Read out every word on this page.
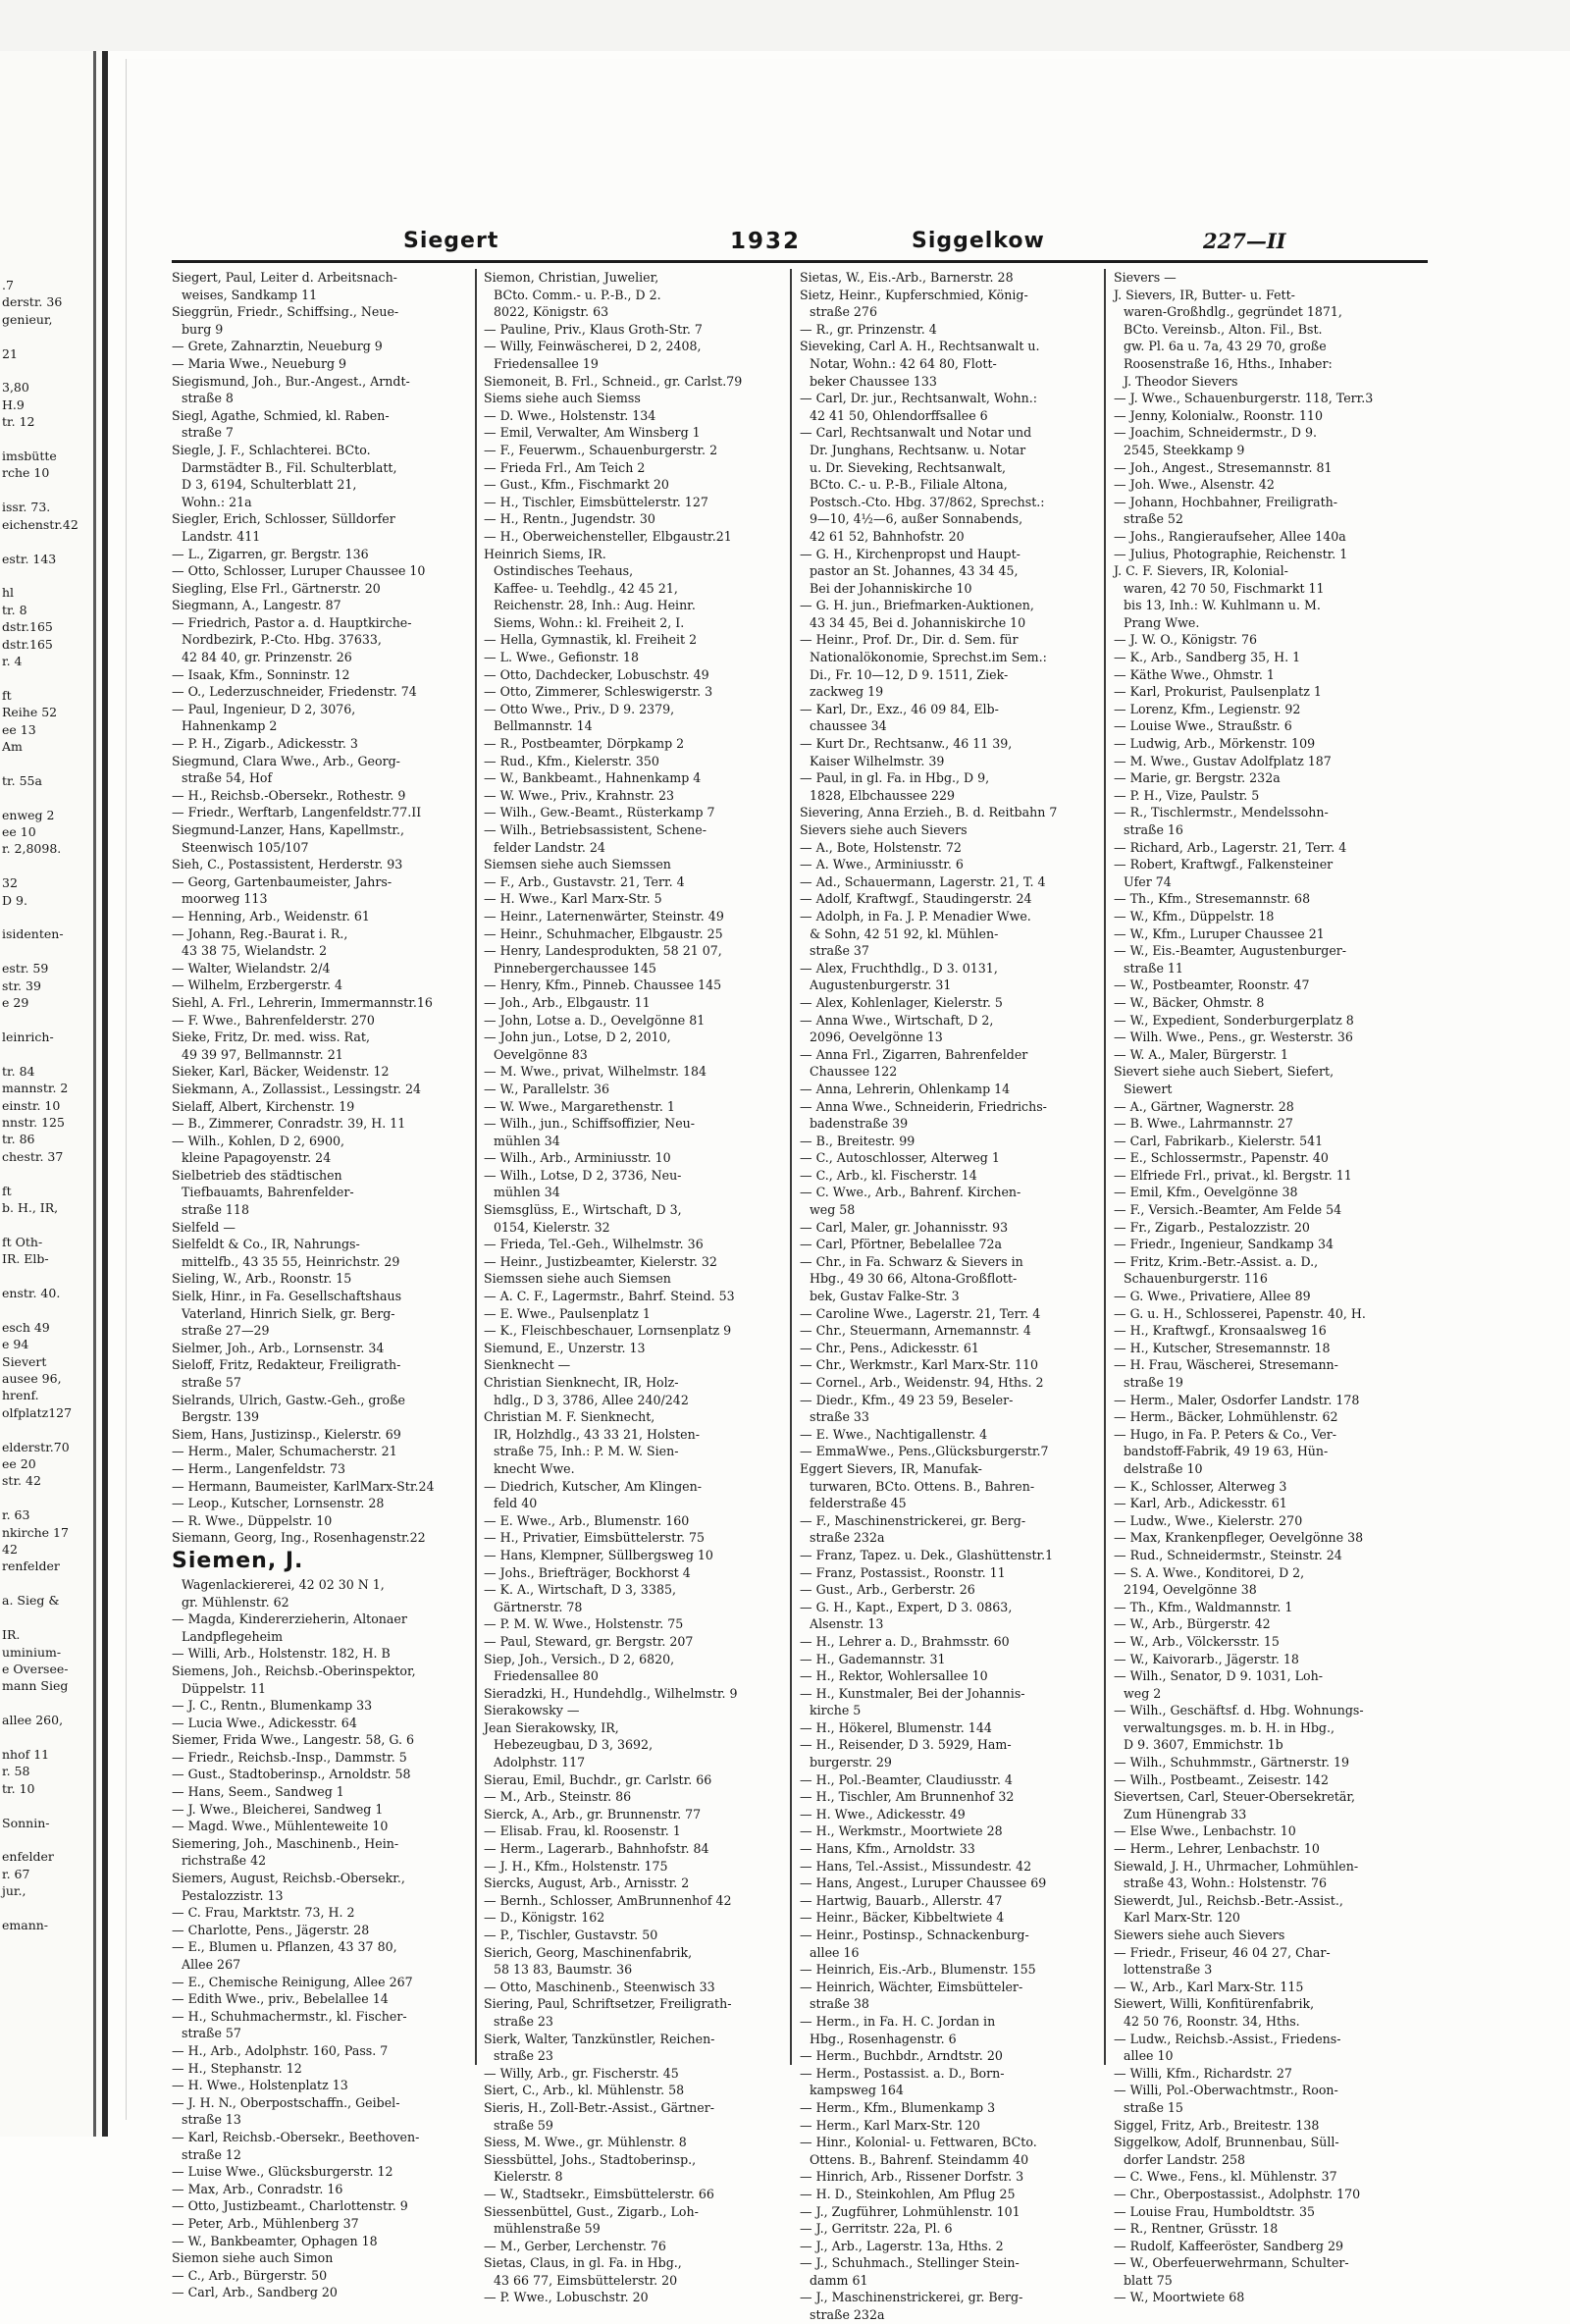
.7
derstr. 36
genieur,

21

3,80
H.9
tr. 12

imsbütte
rche 10

issr. 73.
eichenstr.42

estr. 143

hl
tr. 8
dstr.165
dstr.165
r. 4

ft
Reihe 52
ee 13
Am

tr. 55a

enweg 2
ee 10
r. 2,8098.

32
D 9.

isidenten-

estr. 59
str. 39
e 29

leinrich-

tr. 84
mannstr. 2
einstr. 10
nnstr. 125
tr. 86
chestr. 37

ft
b. H., IR,

ft Oth-
IR. Elb-

enstr. 40.

esch 49
e 94
Sievert
ausee 96,
hrenf.
olfplatz127

elderstr.70
ee 20
str. 42

r. 63
nkirche 17
42
renfelder

a. Sieg &

IR.
uminium-
e Oversee-
mann Sieg

allee 260,

nhof 11
r. 58
tr. 10

Sonnin-

enfelder
r. 67
jur.,

emann-
Siegert	1932	Siggelkow	227—II
Siegert, Paul, Leiter d. Arbeitsnach-
weises, Sandkamp 11
Sieggrün, Friedr., Schiffsing., Neue-
burg 9
— Grete, Zahnarztin, Neueburg 9
— Maria Wwe., Neueburg 9
Siegismund, Joh., Bur.-Angest., Arndt-
straße 8
Siegl, Agathe, Schmied, kl. Raben-
straße 7
Siegle, J. F., Schlachterei. BCto.
Darmstädter B., Fil. Schulterblatt,
D 3, 6194, Schulterblatt 21,
Wohn.: 21a
Siegler, Erich, Schlosser, Sülldorfer
Landstr. 411
— L., Zigarren, gr. Bergstr. 136
— Otto, Schlosser, Luruper Chaussee 10
Siegling, Else Frl., Gärtnerstr. 20
Siegmann, A., Langestr. 87
— Friedrich, Pastor a. d. Hauptkirche-
Nordbezirk, P.-Cto. Hbg. 37633,
42 84 40, gr. Prinzenstr. 26
— Isaak, Kfm., Sonninstr. 12
— O., Lederzuschneider, Friedenstr. 74
— Paul, Ingenieur, D 2, 3076,
Hahnenkamp 2
— P. H., Zigarb., Adickesstr. 3
Siegmund, Clara Wwe., Arb., Georg-
straße 54, Hof
— H., Reichsb.-Obersekr., Rothestr. 9
— Friedr., Werftarb, Langenfeldstr.77.II
Siegmund-Lanzer, Hans, Kapellmstr.,
Steenwisch 105/107
Sieh, C., Postassistent, Herderstr. 93
— Georg, Gartenbaumeister, Jahrs-
moorweg 113
— Henning, Arb., Weidenstr. 61
— Johann, Reg.-Baurat i. R.,
43 38 75, Wielandstr. 2
— Walter, Wielandstr. 2/4
— Wilhelm, Erzbergerstr. 4
Siehl, A. Frl., Lehrerin, Immermannstr.16
— F. Wwe., Bahrenfelderstr. 270
Sieke, Fritz, Dr. med. wiss. Rat,
49 39 97, Bellmannstr. 21
Sieker, Karl, Bäcker, Weidenstr. 12
Siekmann, A., Zollassist., Lessingstr. 24
Sielaff, Albert, Kirchenstr. 19
— B., Zimmerer, Conradstr. 39, H. 11
— Wilh., Kohlen, D 2, 6900,
kleine Papagoyenstr. 24
Sielbetrieb des städtischen
Tiefbauamts, Bahrenfelder-
straße 118
Sielfeld —
Sielfeldt & Co., IR, Nahrungs-
mittelfb., 43 35 55, Heinrichstr. 29
Sieling, W., Arb., Roonstr. 15
Sielk, Hinr., in Fa. Gesellschaftshaus
Vaterland, Hinrich Sielk, gr. Berg-
straße 27—29
Sielmer, Joh., Arb., Lornsenstr. 34
Sieloff, Fritz, Redakteur, Freiligrath-
straße 57
Sielrands, Ulrich, Gastw.-Geh., große
Bergstr. 139
Siem, Hans, Justizinsp., Kielerstr. 69
— Herm., Maler, Schumacherstr. 21
— Herm., Langenfeldstr. 73
— Hermann, Baumeister, KarlMarx-Str.24
— Leop., Kutscher, Lornsenstr. 28
— R. Wwe., Düppelstr. 10
Siemann, Georg, Ing., Rosenhagenstr.22
Siemen, J.
Wagenlackiererei, 42 02 30 N 1,
gr. Mühlenstr. 62
— Magda, Kindererzieherin, Altonaer
Landpflegeheim
— Willi, Arb., Holstenstr. 182, H. B
Siemens, Joh., Reichsb.-Oberinspektor,
Düppelstr. 11
— J. C., Rentn., Blumenkamp 33
— Lucia Wwe., Adickesstr. 64
Siemer, Frida Wwe., Langestr. 58, G. 6
— Friedr., Reichsb.-Insp., Dammstr. 5
— Gust., Stadtoberinsp., Arnoldstr. 58
— Hans, Seem., Sandweg 1
— J. Wwe., Bleicherei, Sandweg 1
— Magd. Wwe., Mühlenteweite 10
Siemering, Joh., Maschinenb., Hein-
richstraße 42
Siemers, August, Reichsb.-Obersekr.,
Pestalozzistr. 13
— C. Frau, Marktstr. 73, H. 2
— Charlotte, Pens., Jägerstr. 28
— E., Blumen u. Pflanzen, 43 37 80,
Allee 267
— E., Chemische Reinigung, Allee 267
— Edith Wwe., priv., Bebelallee 14
— H., Schuhmachermstr., kl. Fischer-
straße 57
— H., Arb., Adolphstr. 160, Pass. 7
— H., Stephanstr. 12
— H. Wwe., Holstenplatz 13
— J. H. N., Oberpostschaffn., Geibel-
straße 13
— Karl, Reichsb.-Obersekr., Beethoven-
straße 12
— Luise Wwe., Glücksburgerstr. 12
— Max, Arb., Conradstr. 16
— Otto, Justizbeamt., Charlottenstr. 9
— Peter, Arb., Mühlenberg 37
— W., Bankbeamter, Ophagen 18
Siemon siehe auch Simon
— C., Arb., Bürgerstr. 50
— Carl, Arb., Sandberg 20
Siemon, Christian, Juwelier,
BCto. Comm.- u. P.-B., D 2.
8022, Königstr. 63
— Pauline, Priv., Klaus Groth-Str. 7
— Willy, Feinwäscherei, D 2, 2408,
Friedensallee 19
Siemoneit, B. Frl., Schneid., gr. Carlst.79
Siems siehe auch Siemss
— D. Wwe., Holstenstr. 134
— Emil, Verwalter, Am Winsberg 1
— F., Feuerwm., Schauenburgerstr. 2
— Frieda Frl., Am Teich 2
— Gust., Kfm., Fischmarkt 20
— H., Tischler, Eimsbüttelerstr. 127
— H., Rentn., Jugendstr. 30
— H., Oberweichensteller, Elbgaustr.21
Heinrich Siems, IR.
Ostindisches Teehaus,
Kaffee- u. Teehdlg., 42 45 21,
Reichenstr. 28, Inh.: Aug. Heinr.
Siems, Wohn.: kl. Freiheit 2, I.
— Hella, Gymnastik, kl. Freiheit 2
— L. Wwe., Gefionstr. 18
— Otto, Dachdecker, Lobuschstr. 49
— Otto, Zimmerer, Schleswigerstr. 3
— Otto Wwe., Priv., D 9. 2379,
Bellmannstr. 14
— R., Postbeamter, Dörpkamp 2
— Rud., Kfm., Kielerstr. 350
— W., Bankbeamt., Hahnenkamp 4
— W. Wwe., Priv., Krahnstr. 23
— Wilh., Gew.-Beamt., Rüsterkamp 7
— Wilh., Betriebsassistent, Schene-
felder Landstr. 24
Siemsen siehe auch Siemssen
— F., Arb., Gustavstr. 21, Terr. 4
— H. Wwe., Karl Marx-Str. 5
— Heinr., Laternenwärter, Steinstr. 49
— Heinr., Schuhmacher, Elbgaustr. 25
— Henry, Landesprodukten, 58 21 07,
Pinnebergerchaussee 145
— Henry, Kfm., Pinneb. Chaussee 145
— Joh., Arb., Elbgaustr. 11
— John, Lotse a. D., Oevelgönne 81
— John jun., Lotse, D 2, 2010,
Oevelgönne 83
— M. Wwe., privat, Wilhelmstr. 184
— W., Parallelstr. 36
— W. Wwe., Margarethenstr. 1
— Wilh., jun., Schiffsoffizier, Neu-
mühlen 34
— Wilh., Arb., Arminiusstr. 10
— Wilh., Lotse, D 2, 3736, Neu-
mühlen 34
Siemsglüss, E., Wirtschaft, D 3,
0154, Kielerstr. 32
— Frieda, Tel.-Geh., Wilhelmstr. 36
— Heinr., Justizbeamter, Kielerstr. 32
Siemssen siehe auch Siemsen
— A. C. F., Lagermstr., Bahrf. Steind. 53
— E. Wwe., Paulsenplatz 1
— K., Fleischbeschauer, Lornsenplatz 9
Siemund, E., Unzerstr. 13
Sienknecht —
Christian Sienknecht, IR, Holz-
hdlg., D 3, 3786, Allee 240/242
Christian M. F. Sienknecht,
IR, Holzhdlg., 43 33 21, Holsten-
straße 75, Inh.: P. M. W. Sien-
knecht Wwe.
— Diedrich, Kutscher, Am Klingen-
feld 40
— E. Wwe., Arb., Blumenstr. 160
— H., Privatier, Eimsbüttelerstr. 75
— Hans, Klempner, Süllbergsweg 10
— Johs., Briefträger, Bockhorst 4
— K. A., Wirtschaft, D 3, 3385,
Gärtnerstr. 78
— P. M. W. Wwe., Holstenstr. 75
— Paul, Steward, gr. Bergstr. 207
Siep, Joh., Versich., D 2, 6820,
Friedensallee 80
Sieradzki, H., Hundehdlg., Wilhelmstr. 9
Sierakowsky —
Jean Sierakowsky, IR,
Hebezeugbau, D 3, 3692,
Adolphstr. 117
Sierau, Emil, Buchdr., gr. Carlstr. 66
— M., Arb., Steinstr. 86
Sierck, A., Arb., gr. Brunnenstr. 77
— Elisab. Frau, kl. Roosenstr. 1
— Herm., Lagerarb., Bahnhofstr. 84
— J. H., Kfm., Holstenstr. 175
Siercks, August, Arb., Arnisstr. 2
— Bernh., Schlosser, AmBrunnenhof 42
— D., Königstr. 162
— P., Tischler, Gustavstr. 50
Sierich, Georg, Maschinenfabrik,
58 13 83, Baumstr. 36
— Otto, Maschinenb., Steenwisch 33
Siering, Paul, Schriftsetzer, Freiligrath-
straße 23
Sierk, Walter, Tanzkünstler, Reichen-
straße 23
— Willy, Arb., gr. Fischerstr. 45
Siert, C., Arb., kl. Mühlenstr. 58
Sieris, H., Zoll-Betr.-Assist., Gärtner-
straße 59
Siess, M. Wwe., gr. Mühlenstr. 8
Siessbüttel, Johs., Stadtoberinsp.,
Kielerstr. 8
— W., Stadtsekr., Eimsbüttelerstr. 66
Siessenbüttel, Gust., Zigarb., Loh-
mühlenstraße 59
— M., Gerber, Lerchenstr. 76
Sietas, Claus, in gl. Fa. in Hbg.,
43 66 77, Eimsbüttelerstr. 20
— P. Wwe., Lobuschstr. 20
Sietas, W., Eis.-Arb., Barnerstr. 28
Sietz, Heinr., Kupferschmied, König-
straße 276
— R., gr. Prinzenstr. 4
Sieveking, Carl A. H., Rechtsanwalt u.
Notar, Wohn.: 42 64 80, Flott-
beker Chaussee 133
— Carl, Dr. jur., Rechtsanwalt, Wohn.:
42 41 50, Ohlendorffsallee 6
— Carl, Rechtsanwalt und Notar und
Dr. Junghans, Rechtsanw. u. Notar
u. Dr. Sieveking, Rechtsanwalt,
BCto. C.- u. P.-B., Filiale Altona,
Postsch.-Cto. Hbg. 37/862, Sprechst.:
9—10, 4½—6, außer Sonnabends,
42 61 52, Bahnhofstr. 20
— G. H., Kirchenpropst und Haupt-
pastor an St. Johannes, 43 34 45,
Bei der Johanniskirche 10
— G. H. jun., Briefmarken-Auktionen,
43 34 45, Bei d. Johanniskirche 10
— Heinr., Prof. Dr., Dir. d. Sem. für
Nationalökonomie, Sprechst.im Sem.:
Di., Fr. 10—12, D 9. 1511, Ziek-
zackweg 19
— Karl, Dr., Exz., 46 09 84, Elb-
chaussee 34
— Kurt Dr., Rechtsanw., 46 11 39,
Kaiser Wilhelmstr. 39
— Paul, in gl. Fa. in Hbg., D 9,
1828, Elbchaussee 229
Sievering, Anna Erzieh., B. d. Reitbahn 7
Sievers siehe auch Sievers
— A., Bote, Holstenstr. 72
— A. Wwe., Arminiusstr. 6
— Ad., Schauermann, Lagerstr. 21, T. 4
— Adolf, Kraftwgf., Staudingerstr. 24
— Adolph, in Fa. J. P. Menadier Wwe.
& Sohn, 42 51 92, kl. Mühlen-
straße 37
— Alex, Fruchthdlg., D 3. 0131,
Augustenburgerstr. 31
— Alex, Kohlenlager, Kielerstr. 5
— Anna Wwe., Wirtschaft, D 2,
2096, Oevelgönne 13
— Anna Frl., Zigarren, Bahrenfelder
Chaussee 122
— Anna, Lehrerin, Ohlenkamp 14
— Anna Wwe., Schneiderin, Friedrichs-
badenstraße 39
— B., Breitestr. 99
— C., Autoschlosser, Alterweg 1
— C., Arb., kl. Fischerstr. 14
— C. Wwe., Arb., Bahrenf. Kirchen-
weg 58
— Carl, Maler, gr. Johannisstr. 93
— Carl, Pförtner, Bebelallee 72a
— Chr., in Fa. Schwarz & Sievers in
Hbg., 49 30 66, Altona-Großflott-
bek, Gustav Falke-Str. 3
— Caroline Wwe., Lagerstr. 21, Terr. 4
— Chr., Steuermann, Arnemannstr. 4
— Chr., Pens., Adickesstr. 61
— Chr., Werkmstr., Karl Marx-Str. 110
— Cornel., Arb., Weidenstr. 94, Hths. 2
— Diedr., Kfm., 49 23 59, Beseler-
straße 33
— E. Wwe., Nachtigallenstr. 4
— EmmaWwe., Pens.,Glücksburgerstr.7
Eggert Sievers, IR, Manufak-
turwaren, BCto. Ottens. B., Bahren-
felderstraße 45
— F., Maschinenstrickerei, gr. Berg-
straße 232a
— Franz, Tapez. u. Dek., Glashüttenstr.1
— Franz, Postassist., Roonstr. 11
— Gust., Arb., Gerberstr. 26
— G. H., Kapt., Expert, D 3. 0863,
Alsenstr. 13
— H., Lehrer a. D., Brahmsstr. 60
— H., Gademannstr. 31
— H., Rektor, Wohlersallee 10
— H., Kunstmaler, Bei der Johannis-
kirche 5
— H., Hökerel, Blumenstr. 144
— H., Reisender, D 3. 5929, Ham-
burgerstr. 29
— H., Pol.-Beamter, Claudiusstr. 4
— H., Tischler, Am Brunnenhof 32
— H. Wwe., Adickesstr. 49
— H., Werkmstr., Moortwiete 28
— Hans, Kfm., Arnoldstr. 33
— Hans, Tel.-Assist., Missundestr. 42
— Hans, Angest., Luruper Chaussee 69
— Hartwig, Bauarb., Allerstr. 47
— Heinr., Bäcker, Kibbeltwiete 4
— Heinr., Postinsp., Schnackenburg-
allee 16
— Heinrich, Eis.-Arb., Blumenstr. 155
— Heinrich, Wächter, Eimsbütteler-
straße 38
— Herm., in Fa. H. C. Jordan in
Hbg., Rosenhagenstr. 6
— Herm., Buchbdr., Arndtstr. 20
— Herm., Postassist. a. D., Born-
kampsweg 164
— Herm., Kfm., Blumenkamp 3
— Herm., Karl Marx-Str. 120
— Hinr., Kolonial- u. Fettwaren, BCto.
Ottens. B., Bahrenf. Steindamm 40
— Hinrich, Arb., Rissener Dorfstr. 3
— H. D., Steinkohlen, Am Pflug 25
— J., Zugführer, Lohmühlenstr. 101
— J., Gerritstr. 22a, Pl. 6
— J., Arb., Lagerstr. 13a, Hths. 2
— J., Schuhmach., Stellinger Stein-
damm 61
— J., Maschinenstrickerei, gr. Berg-
straße 232a
Sievers —
J. Sievers, IR, Butter- u. Fett-
waren-Großhdlg., gegründet 1871,
BCto. Vereinsb., Alton. Fil., Bst.
gw. Pl. 6a u. 7a, 43 29 70, große
Roosenstraße 16, Hths., Inhaber:
J. Theodor Sievers
— J. Wwe., Schauenburgerstr. 118, Terr.3
— Jenny, Kolonialw., Roonstr. 110
— Joachim, Schneidermstr., D 9.
2545, Steekkamp 9
— Joh., Angest., Stresemannstr. 81
— Joh. Wwe., Alsenstr. 42
— Johann, Hochbahner, Freiligrath-
straße 52
— Johs., Rangieraufseher, Allee 140a
— Julius, Photographie, Reichenstr. 1
J. C. F. Sievers, IR, Kolonial-
waren, 42 70 50, Fischmarkt 11
bis 13, Inh.: W. Kuhlmann u. M.
Prang Wwe.
— J. W. O., Königstr. 76
— K., Arb., Sandberg 35, H. 1
— Käthe Wwe., Ohmstr. 1
— Karl, Prokurist, Paulsenplatz 1
— Lorenz, Kfm., Legienstr. 92
— Louise Wwe., Straußstr. 6
— Ludwig, Arb., Mörkenstr. 109
— M. Wwe., Gustav Adolfplatz 187
— Marie, gr. Bergstr. 232a
— P. H., Vize, Paulstr. 5
— R., Tischlermstr., Mendelssohn-
straße 16
— Richard, Arb., Lagerstr. 21, Terr. 4
— Robert, Kraftwgf., Falkensteiner
Ufer 74
— Th., Kfm., Stresemannstr. 68
— W., Kfm., Düppelstr. 18
— W., Kfm., Luruper Chaussee 21
— W., Eis.-Beamter, Augustenburger-
straße 11
— W., Postbeamter, Roonstr. 47
— W., Bäcker, Ohmstr. 8
— W., Expedient, Sonderburgerplatz 8
— Wilh. Wwe., Pens., gr. Westerstr. 36
— W. A., Maler, Bürgerstr. 1
Sievert siehe auch Siebert, Siefert,
Siewert
— A., Gärtner, Wagnerstr. 28
— B. Wwe., Lahrmannstr. 27
— Carl, Fabrikarb., Kielerstr. 541
— E., Schlossermstr., Papenstr. 40
— Elfriede Frl., privat., kl. Bergstr. 11
— Emil, Kfm., Oevelgönne 38
— F., Versich.-Beamter, Am Felde 54
— Fr., Zigarb., Pestalozzistr. 20
— Friedr., Ingenieur, Sandkamp 34
— Fritz, Krim.-Betr.-Assist. a. D.,
Schauenburgerstr. 116
— G. Wwe., Privatiere, Allee 89
— G. u. H., Schlosserei, Papenstr. 40, H.
— H., Kraftwgf., Kronsaalsweg 16
— H., Kutscher, Stresemannstr. 18
— H. Frau, Wäscherei, Stresemann-
straße 19
— Herm., Maler, Osdorfer Landstr. 178
— Herm., Bäcker, Lohmühlenstr. 62
— Hugo, in Fa. P. Peters & Co., Ver-
bandstoff-Fabrik, 49 19 63, Hün-
delstraße 10
— K., Schlosser, Alterweg 3
— Karl, Arb., Adickesstr. 61
— Ludw., Wwe., Kielerstr. 270
— Max, Krankenpfleger, Oevelgönne 38
— Rud., Schneidermstr., Steinstr. 24
— S. A. Wwe., Konditorei, D 2,
2194, Oevelgönne 38
— Th., Kfm., Waldmannstr. 1
— W., Arb., Bürgerstr. 42
— W., Arb., Völckersstr. 15
— W., Kaivorarb., Jägerstr. 18
— Wilh., Senator, D 9. 1031, Loh-
weg 2
— Wilh., Geschäftsf. d. Hbg. Wohnungs-
verwaltungsges. m. b. H. in Hbg.,
D 9. 3607, Emmichstr. 1b
— Wilh., Schuhmmstr., Gärtnerstr. 19
— Wilh., Postbeamt., Zeisestr. 142
Sievertsen, Carl, Steuer-Obersekretär,
Zum Hünengrab 33
— Else Wwe., Lenbachstr. 10
— Herm., Lehrer, Lenbachstr. 10
Siewald, J. H., Uhrmacher, Lohmühlen-
straße 43, Wohn.: Holstenstr. 76
Siewerdt, Jul., Reichsb.-Betr.-Assist.,
Karl Marx-Str. 120
Siewers siehe auch Sievers
— Friedr., Friseur, 46 04 27, Char-
lottenstraße 3
— W., Arb., Karl Marx-Str. 115
Siewert, Willi, Konfitürenfabrik,
42 50 76, Roonstr. 34, Hths.
— Ludw., Reichsb.-Assist., Friedens-
allee 10
— Willi, Kfm., Richardstr. 27
— Willi, Pol.-Oberwachtmstr., Roon-
straße 15
Siggel, Fritz, Arb., Breitestr. 138
Siggelkow, Adolf, Brunnenbau, Süll-
dorfer Landstr. 258
— C. Wwe., Fens., kl. Mühlenstr. 37
— Chr., Oberpostassist., Adolphstr. 170
— Louise Frau, Humboldtstr. 35
— R., Rentner, Grüsstr. 18
— Rudolf, Kaffeeröster, Sandberg 29
— W., Oberfeuerwehrmann, Schulter-
blatt 75
— W., Moortwiete 68
